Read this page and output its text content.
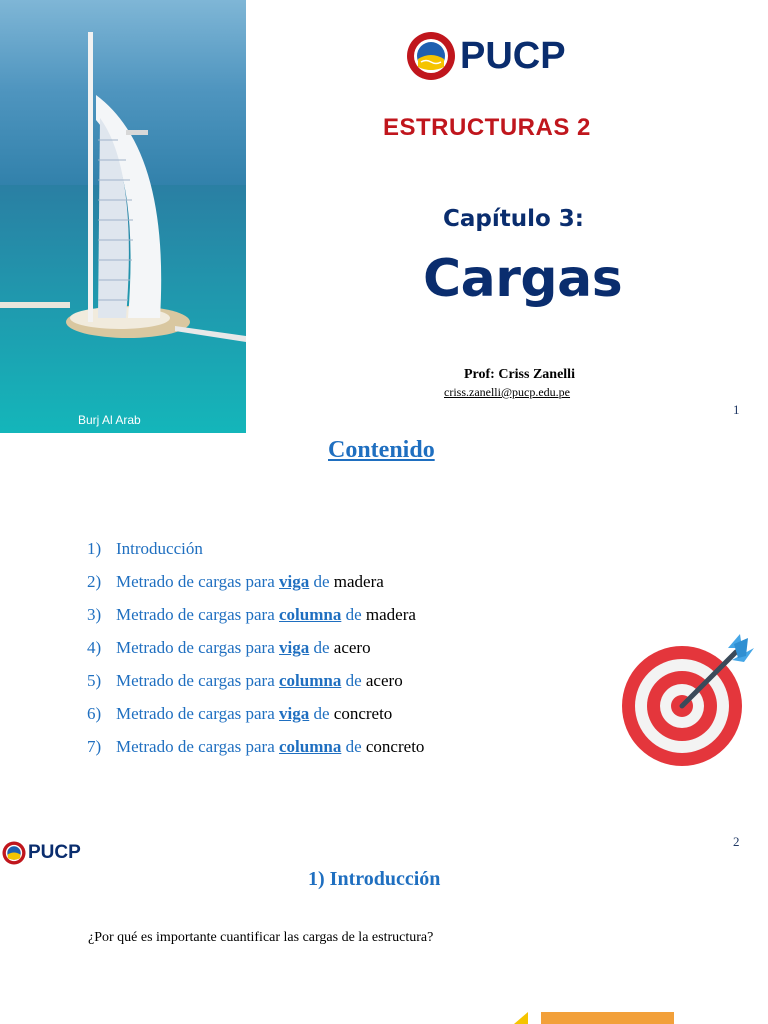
Burj Al Arab
PUCP
ESTRUCTURAS 2
Capítulo 3:
Cargas
Prof: Criss Zanelli
criss.zanelli@pucp.edu.pe
1
Contenido
1) Introducción
2) Metrado de cargas para viga de madera
3) Metrado de cargas para columna de madera
4) Metrado de cargas para viga de acero
5) Metrado de cargas para columna de acero
6) Metrado de cargas para viga de concreto
7) Metrado de cargas para columna de concreto
2
PUCP
1) Introducción
¿Por qué es importante cuantificar las cargas de la estructura?
